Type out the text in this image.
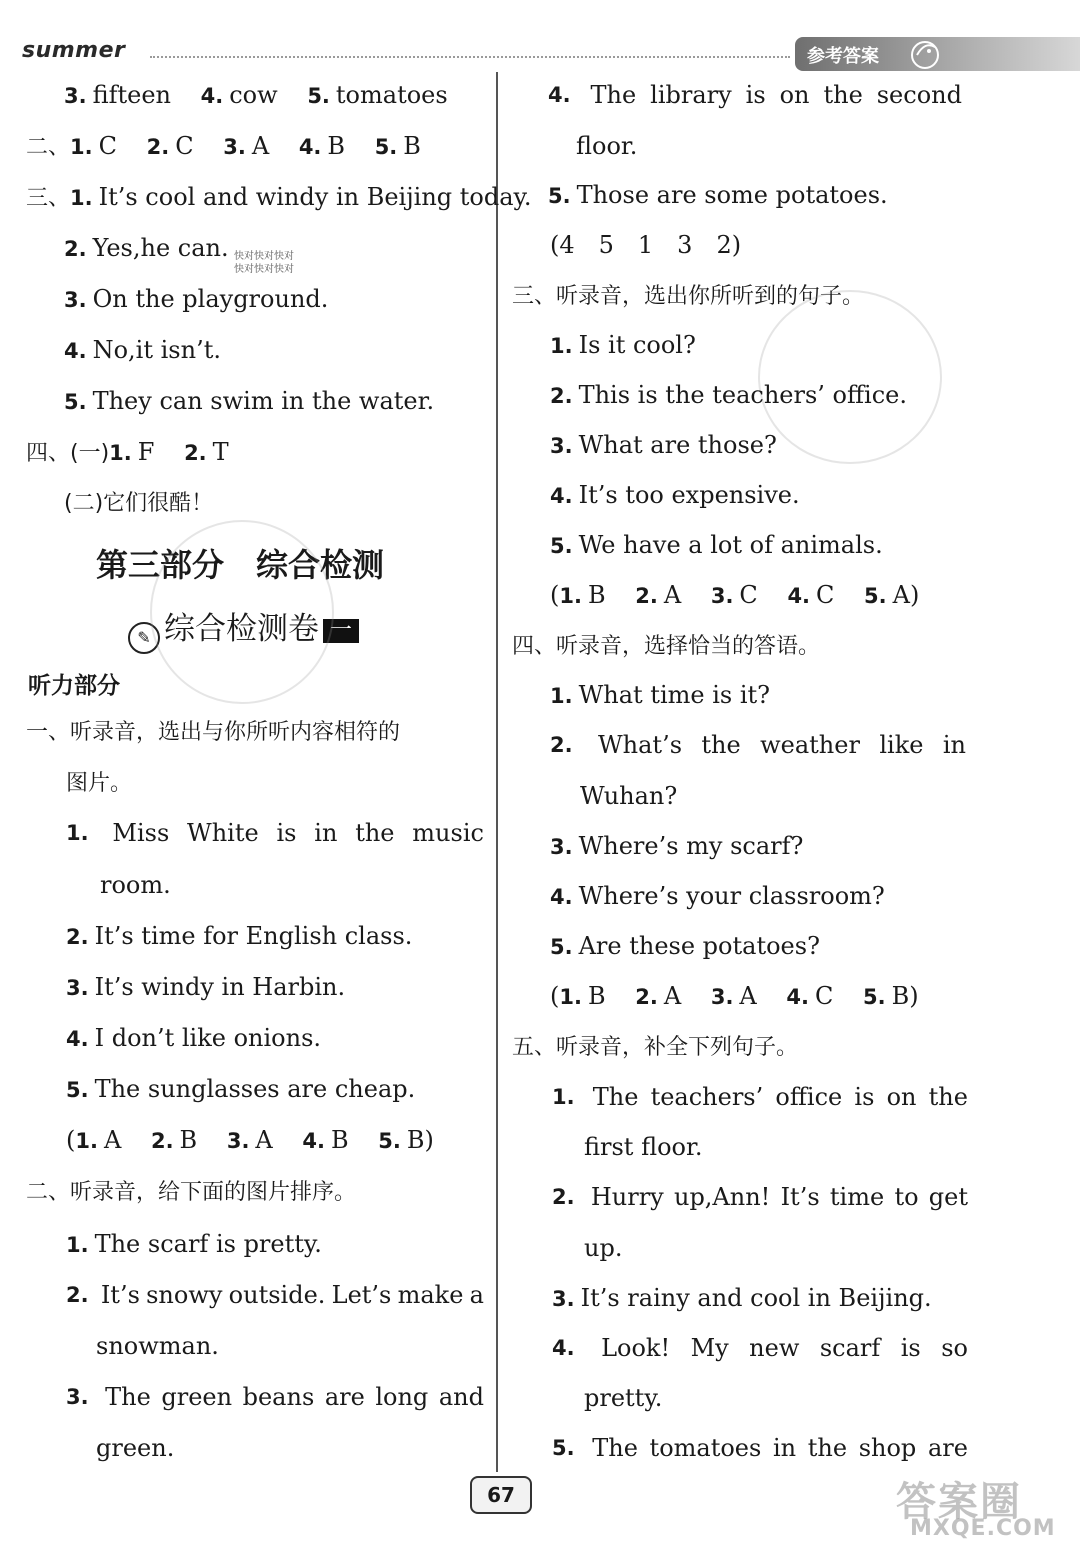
summer	参考答案
3. fifteen 4. cow 5. tomatoes
二、1. C 2. C 3. A 4. B 5. B
三、1. It’s cool and windy in Beijing today.
2. Yes,he can. 快对快对快对
快对快对快对
3. On the playground.
4. No,it isn’t.
5. They can swim in the water.
四、(一)1. F 2. T
(二)它们很酷！
第三部分　综合检测
✎ 综合检测卷 一
听力部分
一、听录音，选出与你所听内容相符的
图片。
1. Miss White is in the music
room.
2. It’s time for English class.
3. It’s windy in Harbin.
4. I don’t like onions.
5. The sunglasses are cheap.
(1. A 2. B 3. A 4. B 5. B)
二、听录音，给下面的图片排序。
1. The scarf is pretty.
2. It’s snowy outside. Let’s make a
snowman.
3. The green beans are long and
green.
4. The library is on the second
floor.
5. Those are some potatoes.
(4　5　1　3　2)
三、听录音，选出你所听到的句子。
1. Is it cool?
2. This is the teachers’ office.
3. What are those?
4. It’s too expensive.
5. We have a lot of animals.
(1. B 2. A 3. C 4. C 5. A)
四、听录音，选择恰当的答语。
1. What time is it?
2. What’s the weather like in
Wuhan?
3. Where’s my scarf?
4. Where’s your classroom?
5. Are these potatoes?
(1. B 2. A 3. A 4. C 5. B)
五、听录音，补全下列句子。
1. The teachers’ office is on the
first floor.
2. Hurry up,Ann! It’s time to get
up.
3. It’s rainy and cool in Beijing.
4. Look! My new scarf is so
pretty.
5. The tomatoes in the shop are
67	答案圈
MXQE.COM
